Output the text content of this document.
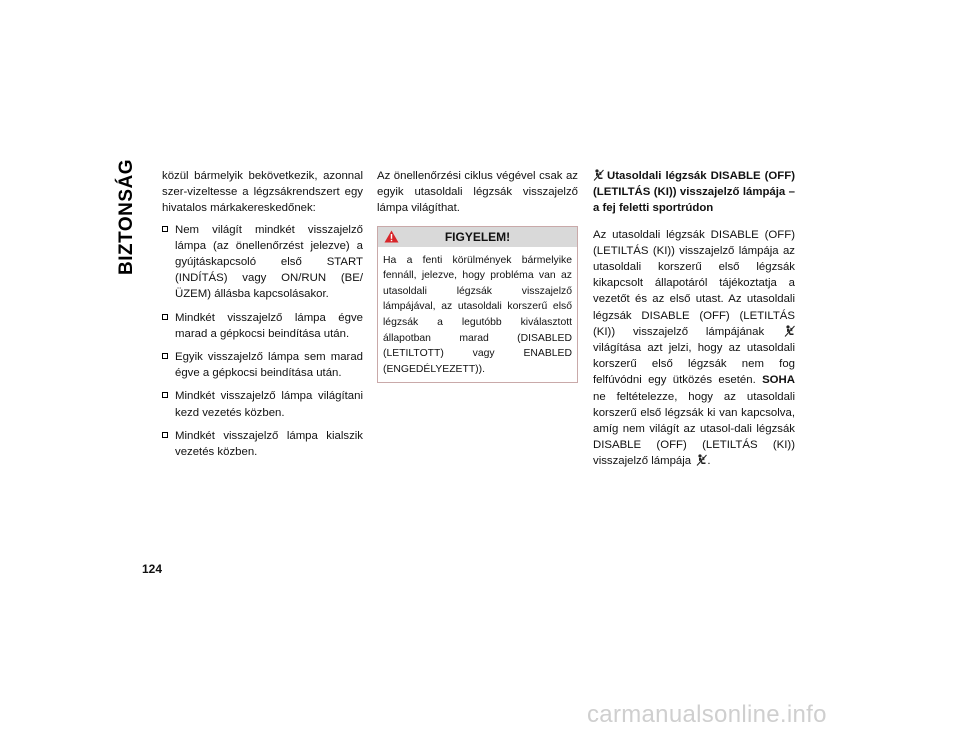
BIZTONSÁG közül bármelyik bekövetkezik, azonnal szer-vizeltesse a légzsákrendszert egy hivatalos márkakereskedőnek:

Nem világít mindkét visszajelző lámpa (az önellenőrzést jelezve) a gyújtáskapcsoló első START (INDÍTÁS) vagy ON/RUN (BE/ÜZEM) állásba kapcsolásakor.
Mindkét visszajelző lámpa égve marad a gépkocsi beindítása után.
Egyik visszajelző lámpa sem marad égve a gépkocsi beindítása után.
Mindkét visszajelző lámpa világítani kezd vezetés közben.
Mindkét visszajelző lámpa kialszik vezetés közben.

Az önellenőrzési ciklus végével csak az egyik utasoldali légzsák visszajelző lámpa világíthat.

FIGYELEM!
Ha a fenti körülmények bármelyike fennáll, jelezve, hogy probléma van az utasoldali légzsák visszajelző lámpájával, az utasoldali korszerű első légzsák a legutóbb kiválasztott állapotban marad (DISABLED (LETILTOTT) vagy ENABLED (ENGEDÉLYEZETT)).
Utasoldali légzsák DISABLE (OFF) (LETILTÁS (KI)) visszajelző lámpája – a fej feletti sportrúdon

Az utasoldali légzsák DISABLE (OFF) (LETILTÁS (KI)) visszajelző lámpája az utasoldali korszerű első légzsák kikapcsolt állapotáról tájékoztatja a vezetőt és az első utast. Az utasoldali légzsák DISABLE (OFF) (LETILTÁS (KI)) visszajelző lámpájának  világítása azt jelzi, hogy az utasoldali korszerű első légzsák nem fog felfúvódni egy ütközés esetén. SOHA ne feltételezze, hogy az utasoldali korszerű első légzsák ki van kapcsolva, amíg nem világít az utasol-dali légzsák DISABLE (OFF) (LETILTÁS (KI)) visszajelző lámpája .

124
carmanualsonline.info
